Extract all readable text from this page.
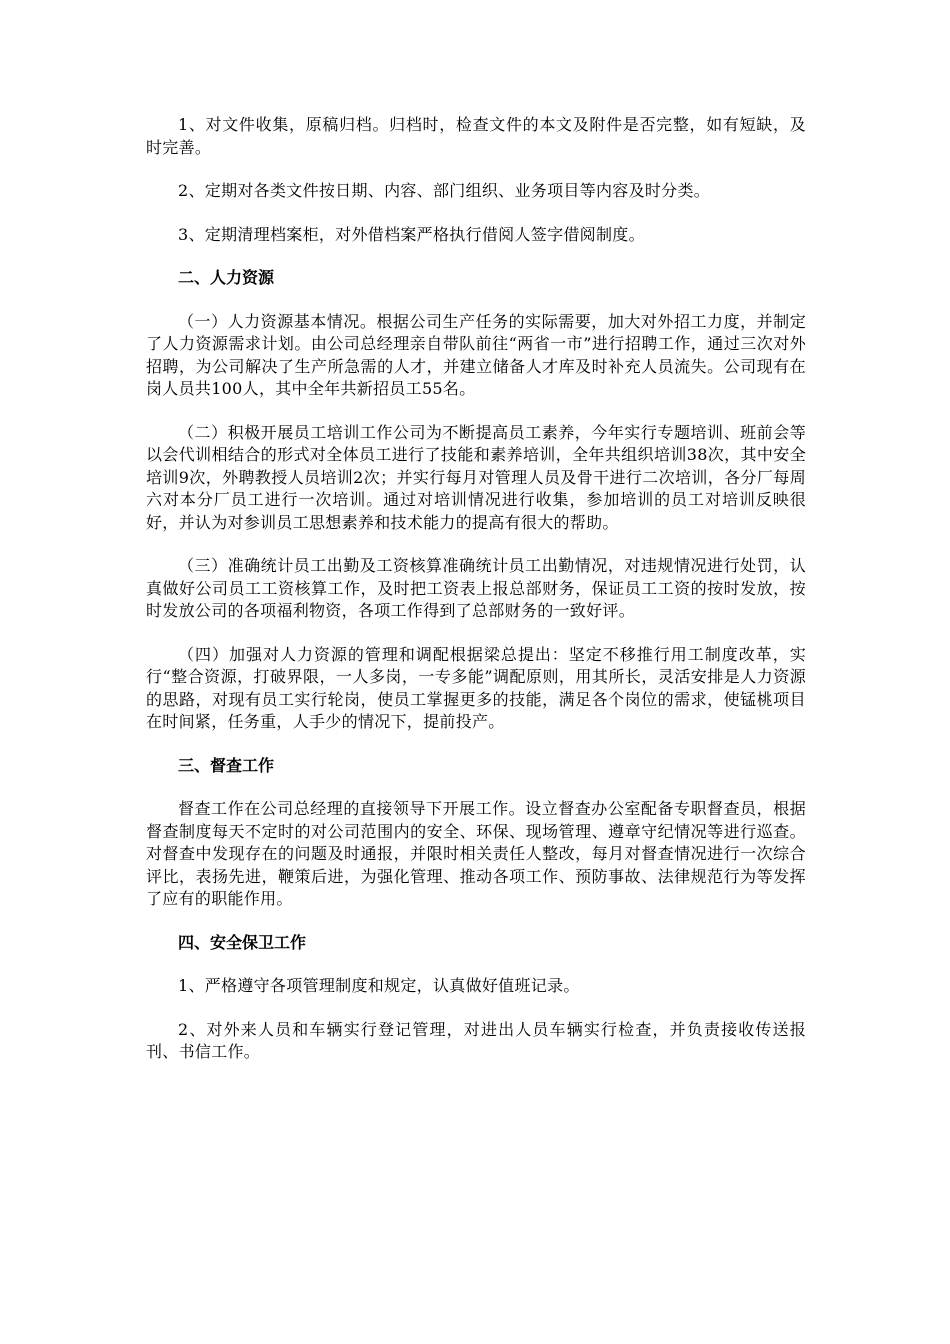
1、对文件收集，原稿归档。归档时，检查文件的本文及附件是否完整，如有短缺，及时完善。

2、定期对各类文件按日期、内容、部门组织、业务项目等内容及时分类。

3、定期清理档案柜，对外借档案严格执行借阅人签字借阅制度。

二、人力资源

（一）人力资源基本情况。根据公司生产任务的实际需要，加大对外招工力度，并制定了人力资源需求计划。由公司总经理亲自带队前往“两省一市”进行招聘工作，通过三次对外招聘，为公司解决了生产所急需的人才，并建立储备人才库及时补充人员流失。公司现有在岗人员共100人，其中全年共新招员工55名。

（二）积极开展员工培训工作公司为不断提高员工素养，今年实行专题培训、班前会等以会代训相结合的形式对全体员工进行了技能和素养培训，全年共组织培训38次，其中安全培训9次，外聘教授人员培训2次；并实行每月对管理人员及骨干进行二次培训，各分厂每周六对本分厂员工进行一次培训。通过对培训情况进行收集，参加培训的员工对培训反映很好，并认为对参训员工思想素养和技术能力的提高有很大的帮助。

（三）准确统计员工出勤及工资核算准确统计员工出勤情况，对违规情况进行处罚，认真做好公司员工工资核算工作，及时把工资表上报总部财务，保证员工工资的按时发放，按时发放公司的各项福利物资，各项工作得到了总部财务的一致好评。

（四）加强对人力资源的管理和调配根据梁总提出：坚定不移推行用工制度改革，实行“整合资源，打破界限，一人多岗，一专多能”调配原则，用其所长，灵活安排是人力资源的思路，对现有员工实行轮岗，使员工掌握更多的技能，满足各个岗位的需求，使锰桃项目在时间紧，任务重，人手少的情况下，提前投产。

三、督查工作

督查工作在公司总经理的直接领导下开展工作。设立督查办公室配备专职督查员，根据督查制度每天不定时的对公司范围内的安全、环保、现场管理、遵章守纪情况等进行巡查。对督查中发现存在的问题及时通报，并限时相关责任人整改，每月对督查情况进行一次综合评比，表扬先进，鞭策后进，为强化管理、推动各项工作、预防事故、法律规范行为等发挥了应有的职能作用。

四、安全保卫工作

1、严格遵守各项管理制度和规定，认真做好值班记录。

2、对外来人员和车辆实行登记管理，对进出人员车辆实行检查，并负责接收传送报刊、书信工作。
